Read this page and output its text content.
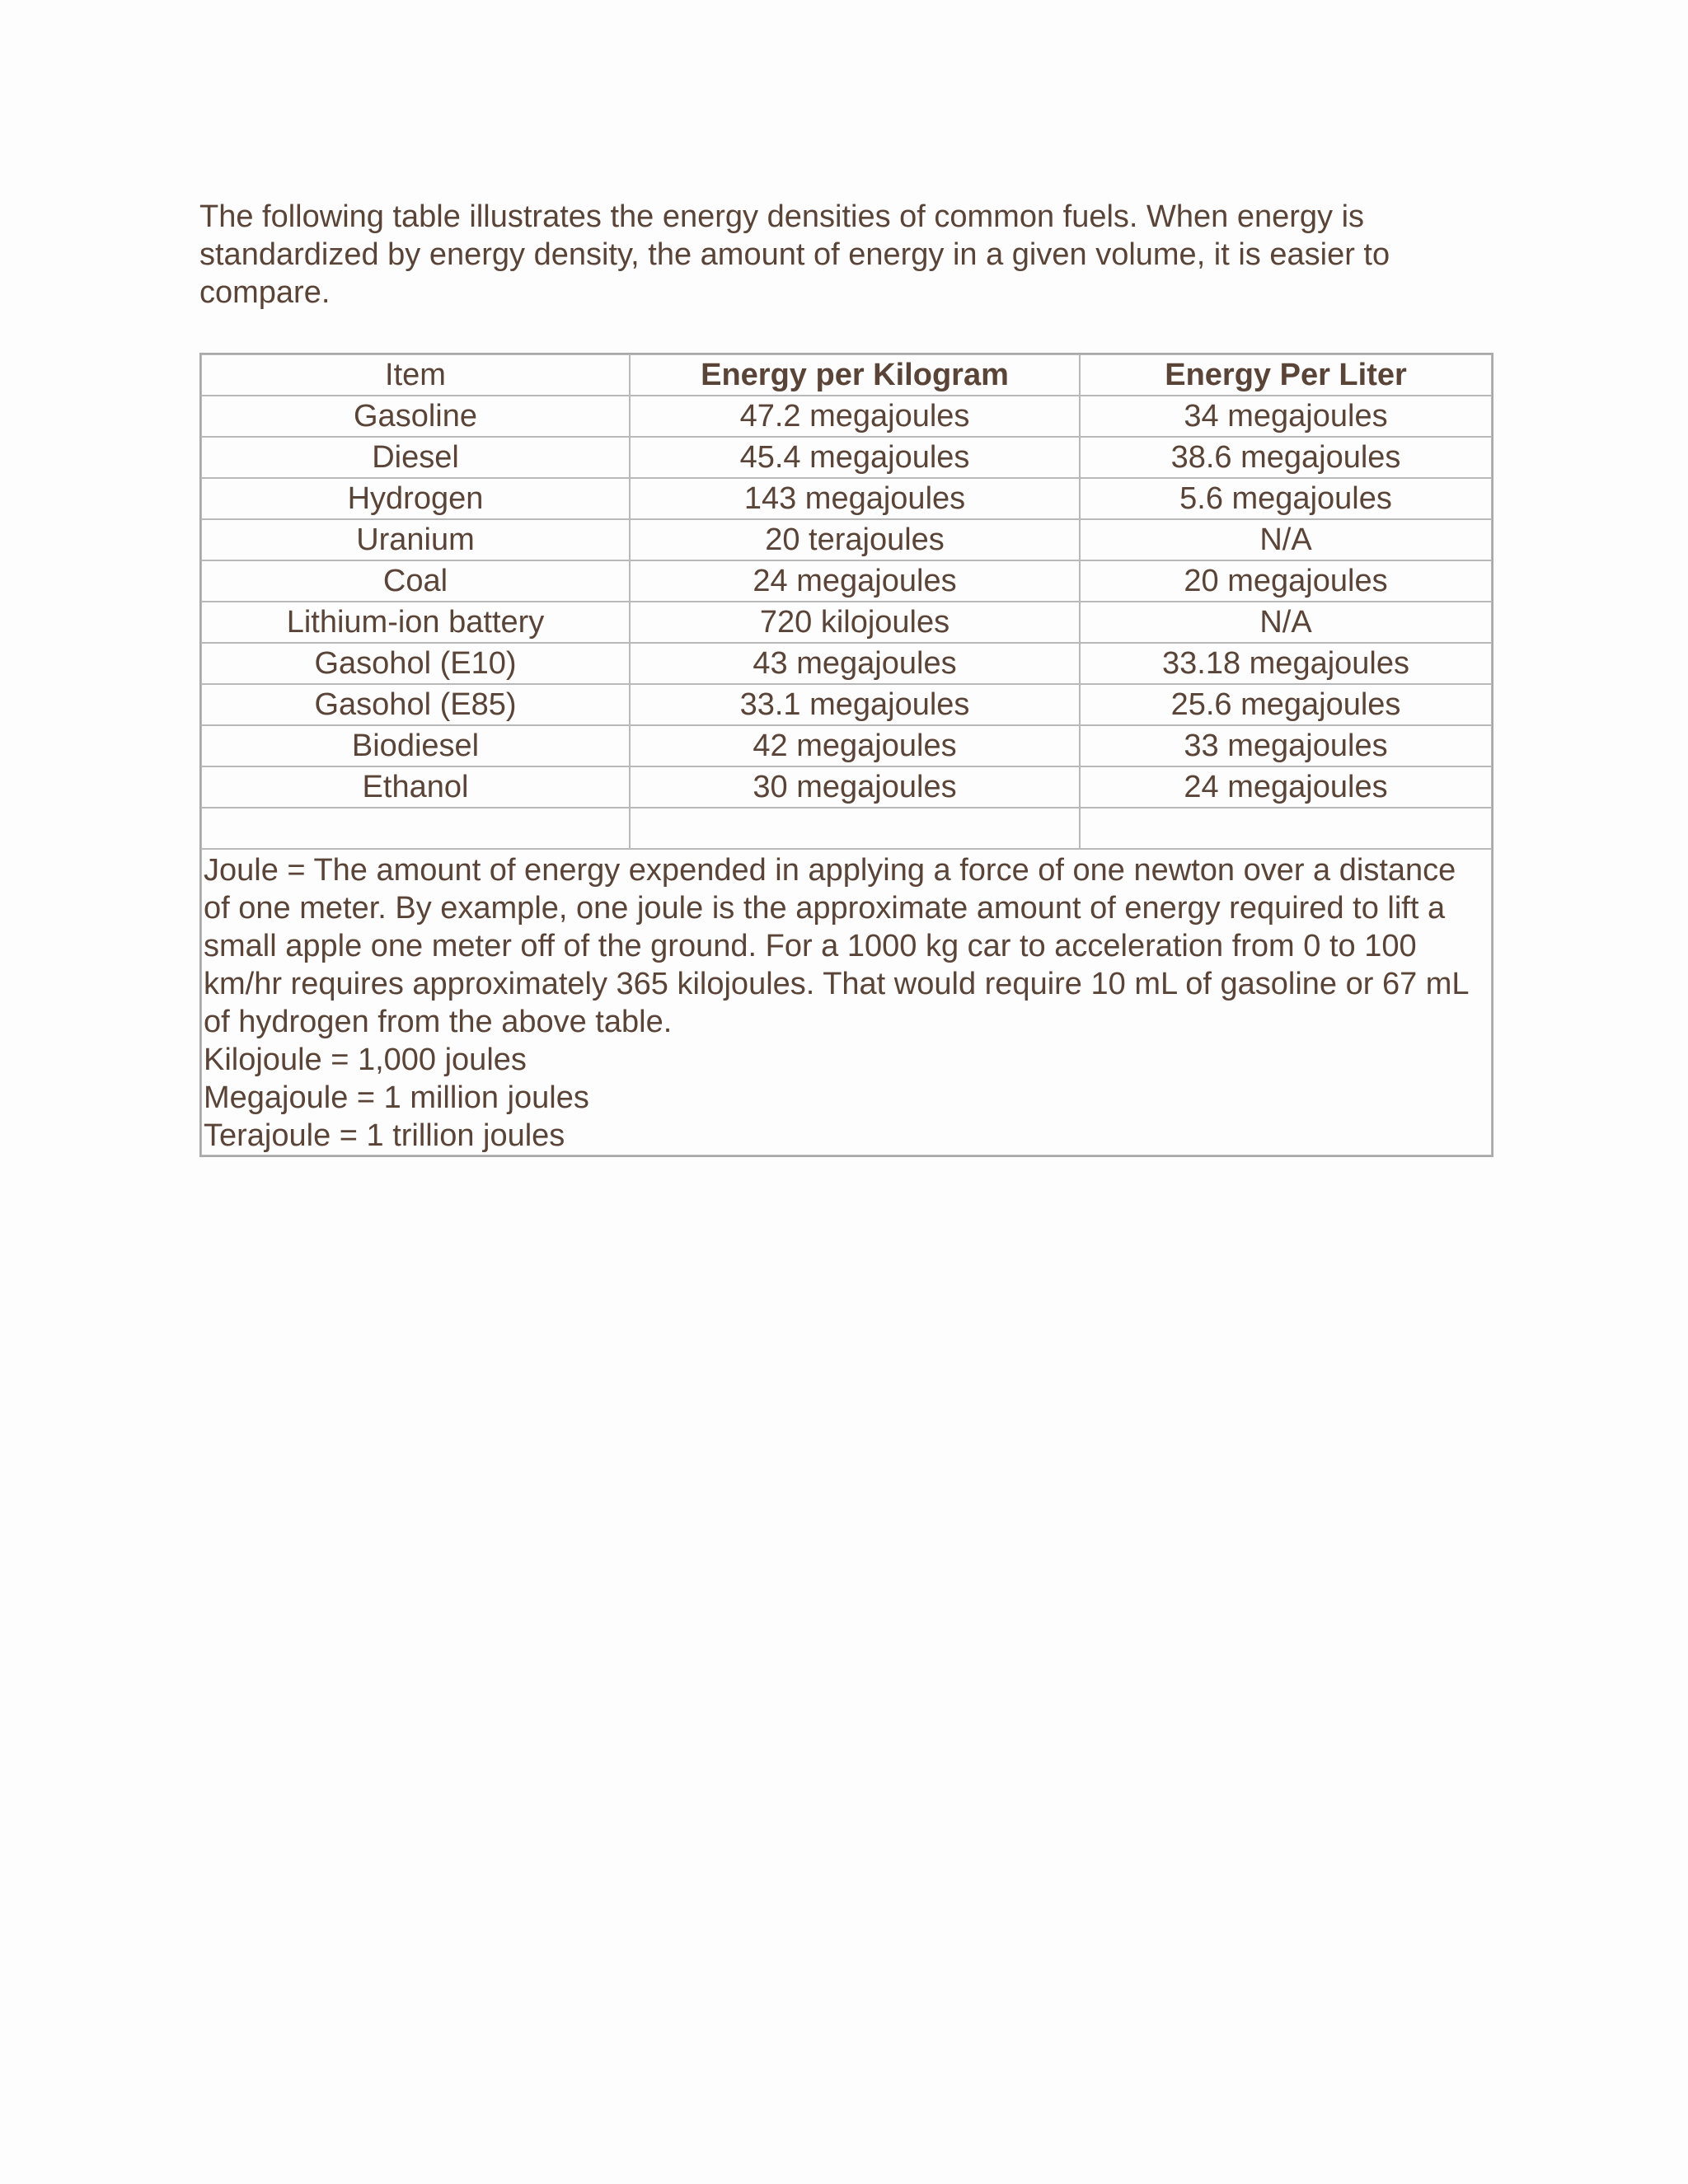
The following table illustrates the energy densities of common fuels. When energy is standardized by energy density, the amount of energy in a given volume, it is easier to compare.

Item	Energy per Kilogram	Energy Per Liter
Gasoline	47.2 megajoules	34 megajoules
Diesel	45.4 megajoules	38.6 megajoules
Hydrogen	143 megajoules	5.6 megajoules
Uranium	20 terajoules	N/A
Coal	24 megajoules	20 megajoules
Lithium-ion battery	720 kilojoules	N/A
Gasohol (E10)	43 megajoules	33.18 megajoules
Gasohol (E85)	33.1 megajoules	25.6 megajoules
Biodiesel	42 megajoules	33 megajoules
Ethanol	30 megajoules	24 megajoules

Joule = The amount of energy expended in applying a force of one newton over a distance of one meter. By example, one joule is the approximate amount of energy required to lift a small apple one meter off of the ground. For a 1000 kg car to acceleration from 0 to 100 km/hr requires approximately 365 kilojoules. That would require 10 mL of gasoline or 67 mL of hydrogen from the above table.
Kilojoule = 1,000 joules
Megajoule = 1 million joules
Terajoule = 1 trillion joules		
